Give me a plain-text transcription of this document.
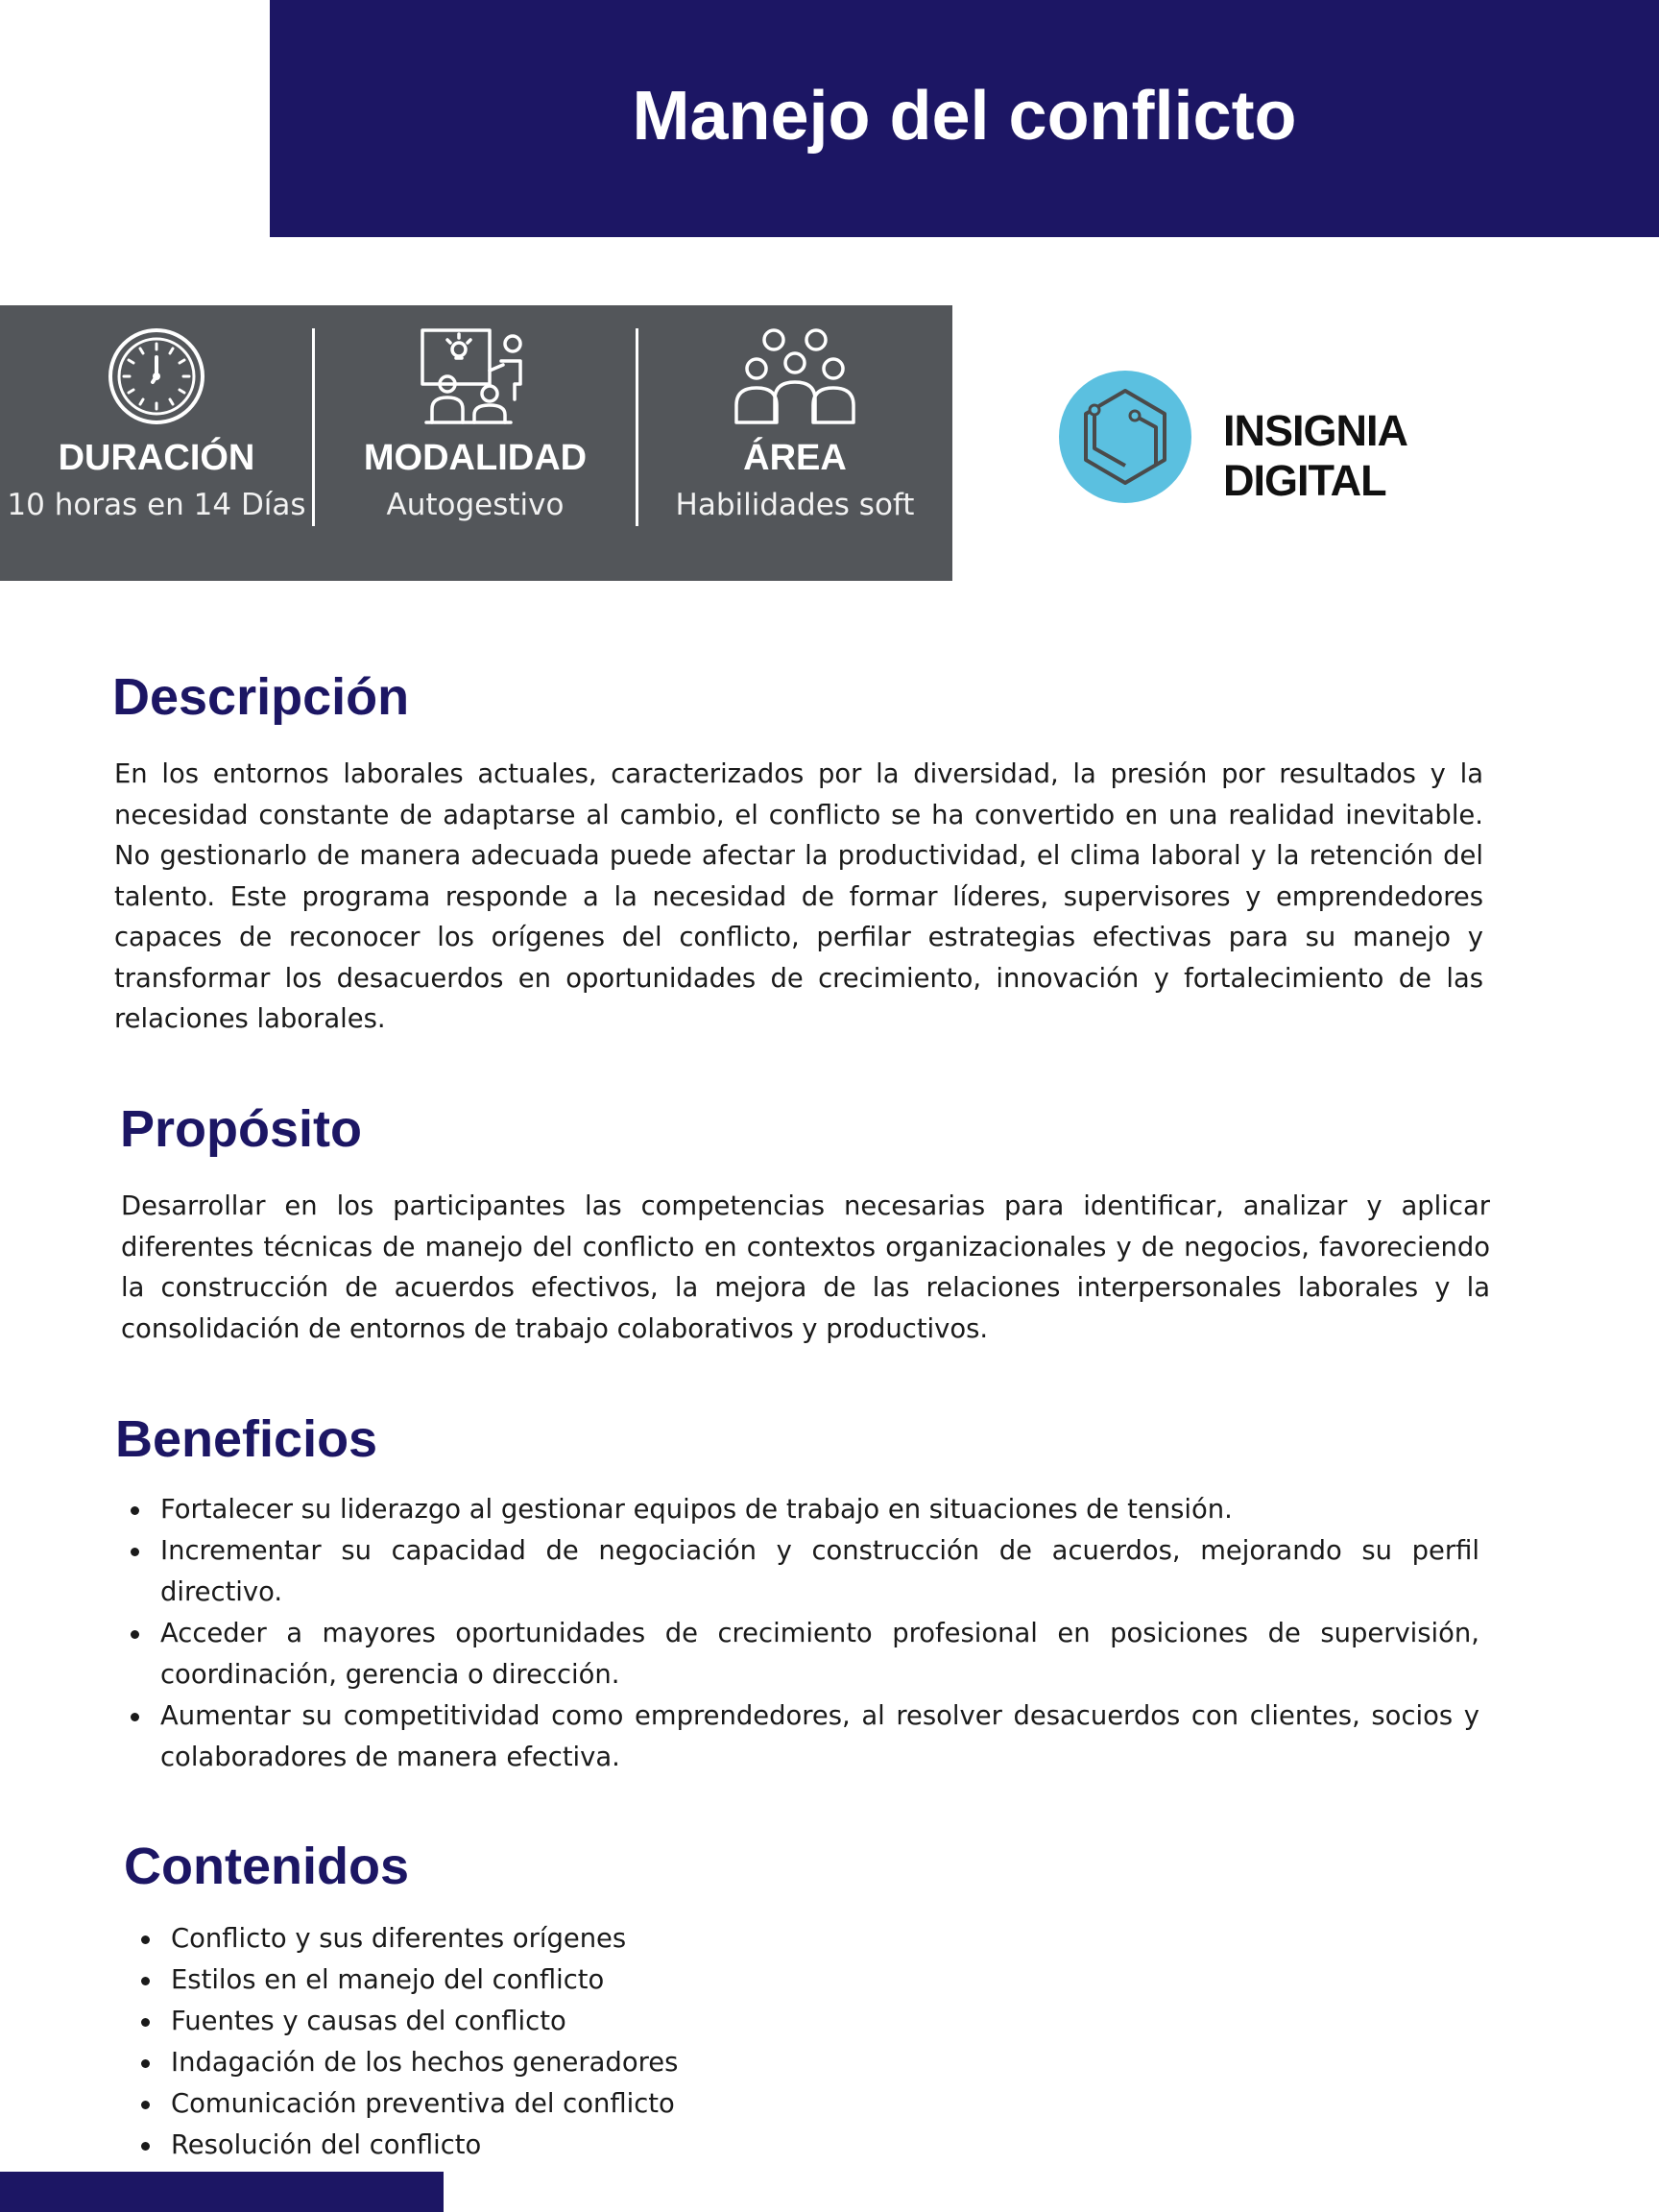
Manejo del conflicto
DURACIÓN
10 horas en 14 Días
MODALIDAD
Autogestivo
ÁREA
Habilidades soft
INSIGNIA DIGITAL
Descripción

En los entornos laborales actuales, caracterizados por la diversidad, la presión por resultados y la necesidad constante de adaptarse al cambio, el conflicto se ha convertido en una realidad inevitable. No gestionarlo de manera adecuada puede afectar la productividad, el clima laboral y la retención del talento. Este programa responde a la necesidad de formar líderes, supervisores y emprendedores capaces de reconocer los orígenes del conflicto, perfilar estrategias efectivas para su manejo y transformar los desacuerdos en oportunidades de crecimiento, innovación y fortalecimiento de las relaciones laborales.

Propósito

Desarrollar en los participantes las competencias necesarias para identificar, analizar y aplicar diferentes técnicas de manejo del conflicto en contextos organizacionales y de negocios, favoreciendo la construcción de acuerdos efectivos, la mejora de las relaciones interpersonales laborales y la consolidación de entornos de trabajo colaborativos y productivos.

Beneficios
Fortalecer su liderazgo al gestionar equipos de trabajo en situaciones de tensión.
Incrementar su capacidad de negociación y construcción de acuerdos, mejorando su perfil directivo.
Acceder a mayores oportunidades de crecimiento profesional en posiciones de supervisión, coordinación, gerencia o dirección.
Aumentar su competitividad como emprendedores, al resolver desacuerdos con clientes, socios y colaboradores de manera efectiva.
Contenidos
Conflicto y sus diferentes orígenes
Estilos en el manejo del conflicto
Fuentes y causas del conflicto
Indagación de los hechos generadores
Comunicación preventiva del conflicto
Resolución del conflicto
